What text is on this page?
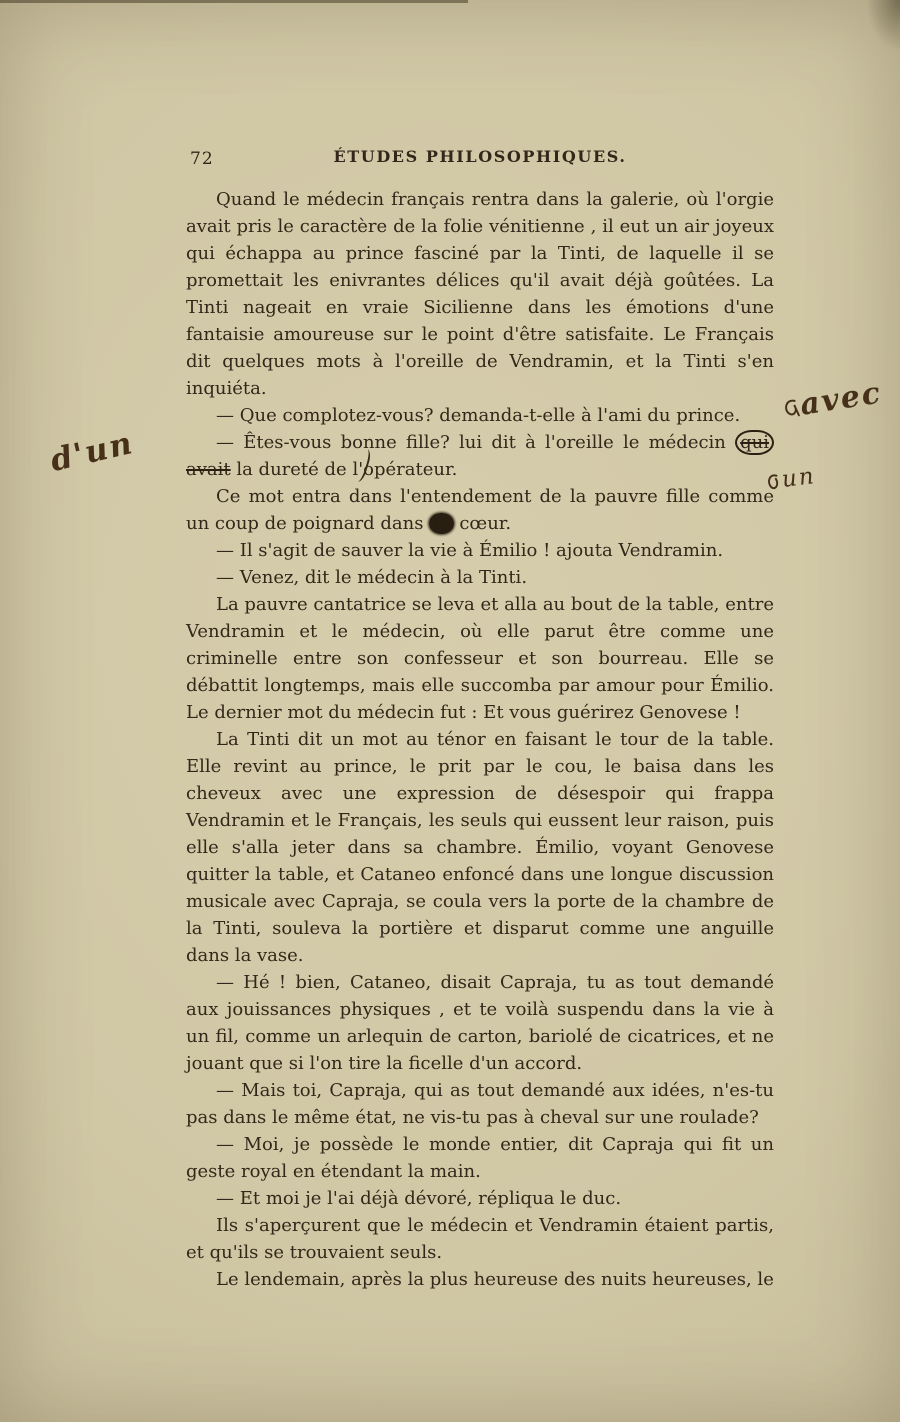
72	ÉTUDES PHILOSOPHIQUES.

Quand le médecin français rentra dans la galerie, où l'orgie avait pris le caractère de la folie vénitienne , il eut un air joyeux qui échappa au prince fasciné par la Tinti, de laquelle il se promettait les enivrantes délices qu'il avait déjà goûtées. La Tinti nageait en vraie Sicilienne dans les émotions d'une fantaisie amoureuse sur le point d'être satisfaite. Le Français dit quelques mots à l'oreille de Vendramin, et la Tinti s'en inquiéta.

— Que complotez-vous? demanda-t-elle à l'ami du prince.

— Êtes-vous bonne fille? lui dit à l'oreille le médecin qui avait la dureté de l'opérateur.

Ce mot entra dans l'entendement de la pauvre fille comme un coup de poignard dans le cœur.

— Il s'agit de sauver la vie à Émilio ! ajouta Vendramin.

— Venez, dit le médecin à la Tinti.

La pauvre cantatrice se leva et alla au bout de la table, entre Vendramin et le médecin, où elle parut être comme une criminelle entre son confesseur et son bourreau. Elle se débattit longtemps, mais elle succomba par amour pour Émilio. Le dernier mot du médecin fut : Et vous guérirez Genovese !

La Tinti dit un mot au ténor en faisant le tour de la table. Elle revint au prince, le prit par le cou, le baisa dans les cheveux avec une expression de désespoir qui frappa Vendramin et le Français, les seuls qui eussent leur raison, puis elle s'alla jeter dans sa chambre. Émilio, voyant Genovese quitter la table, et Cataneo enfoncé dans une longue discussion musicale avec Capraja, se coula vers la porte de la chambre de la Tinti, souleva la portière et disparut comme une anguille dans la vase.

— Hé ! bien, Cataneo, disait Capraja, tu as tout demandé aux jouissances physiques , et te voilà suspendu dans la vie à un fil, comme un arlequin de carton, bariolé de cicatrices, et ne jouant que si l'on tire la ficelle d'un accord.

— Mais toi, Capraja, qui as tout demandé aux idées, n'es-tu pas dans le même état, ne vis-tu pas à cheval sur une roulade?

— Moi, je possède le monde entier, dit Capraja qui fit un geste royal en étendant la main.

— Et moi je l'ai déjà dévoré, répliqua le duc.

Ils s'aperçurent que le médecin et Vendramin étaient partis, et qu'ils se trouvaient seuls.

Le lendemain, après la plus heureuse des nuits heureuses, le

avec
un
d'un
